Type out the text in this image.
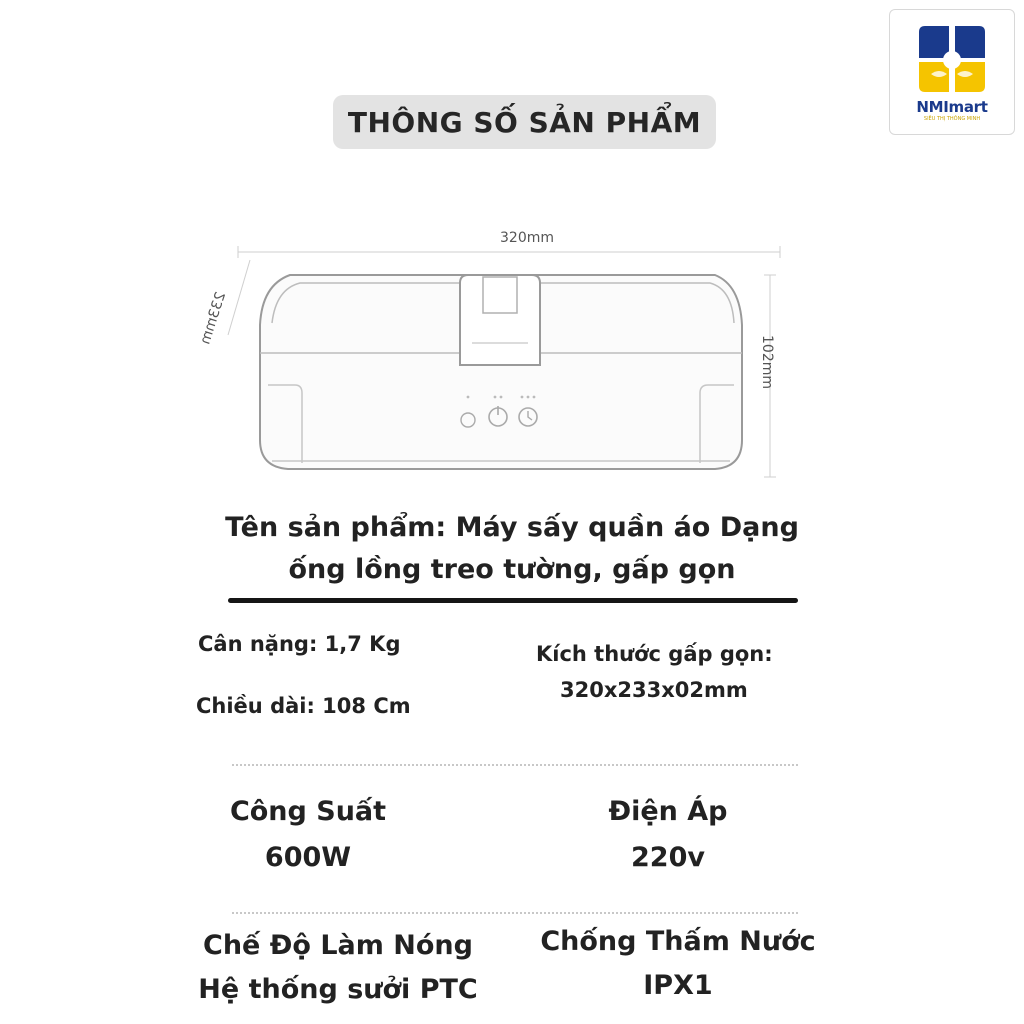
THÔNG SỐ SẢN PHẨM	NMImart
SIÊU THỊ THÔNG MINH
320mm
233mm
102mm
Tên sản phẩm: Máy sấy quần áo Dạng
ống lồng treo tường, gấp gọn
Cân nặng: 1,7 Kg
Chiều dài: 108 Cm
Kích thước gấp gọn:
320x233x02mm
Công Suất
600W
Điện Áp
220v
Chế Độ Làm Nóng
Hệ thống sưởi PTC
Chống Thấm Nước
IPX1
